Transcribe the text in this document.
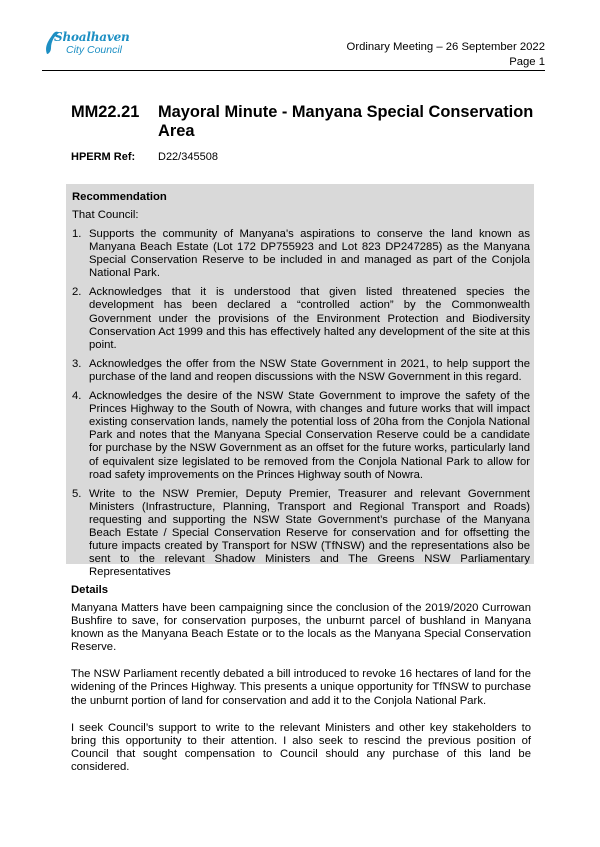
Shoalhaven
City Council	Ordinary Meeting – 26 September 2022
Page 1
MM22.21 Mayoral Minute - Manyana Special Conservation Area
HPERM Ref: D22/345508
Recommendation
That Council:
1. Supports the community of Manyana's aspirations to conserve the land known as Manyana Beach Estate (Lot 172 DP755923 and Lot 823 DP247285) as the Manyana Special Conservation Reserve to be included in and managed as part of the Conjola National Park.
2. Acknowledges that it is understood that given listed threatened species the development has been declared a “controlled action” by the Commonwealth Government under the provisions of the Environment Protection and Biodiversity Conservation Act 1999 and this has effectively halted any development of the site at this point.
3. Acknowledges the offer from the NSW State Government in 2021, to help support the purchase of the land and reopen discussions with the NSW Government in this regard.
4. Acknowledges the desire of the NSW State Government to improve the safety of the Princes Highway to the South of Nowra, with changes and future works that will impact existing conservation lands, namely the potential loss of 20ha from the Conjola National Park and notes that the Manyana Special Conservation Reserve could be a candidate for purchase by the NSW Government as an offset for the future works, particularly land of equivalent size legislated to be removed from the Conjola National Park to allow for road safety improvements on the Princes Highway south of Nowra.
5. Write to the NSW Premier, Deputy Premier, Treasurer and relevant Government Ministers (Infrastructure, Planning, Transport and Regional Transport and Roads) requesting and supporting the NSW State Government’s purchase of the Manyana Beach Estate / Special Conservation Reserve for conservation and for offsetting the future impacts created by Transport for NSW (TfNSW) and the representations also be sent to the relevant Shadow Ministers and The Greens NSW Parliamentary Representatives
Details

Manyana Matters have been campaigning since the conclusion of the 2019/2020 Currowan Bushfire to save, for conservation purposes, the unburnt parcel of bushland in Manyana known as the Manyana Beach Estate or to the locals as the Manyana Special Conservation Reserve.

The NSW Parliament recently debated a bill introduced to revoke 16 hectares of land for the widening of the Princes Highway. This presents a unique opportunity for TfNSW to purchase the unburnt portion of land for conservation and add it to the Conjola National Park.

I seek Council’s support to write to the relevant Ministers and other key stakeholders to bring this opportunity to their attention. I also seek to rescind the previous position of Council that sought compensation to Council should any purchase of this land be considered.
